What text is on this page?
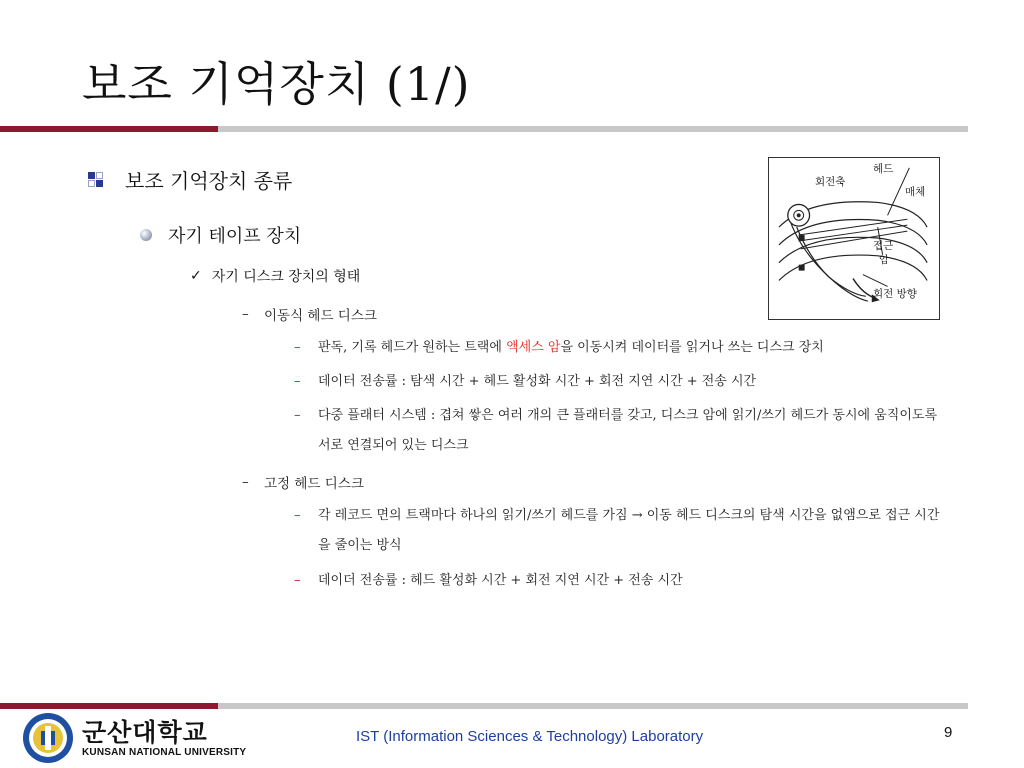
보조 기억장치 (1/)
보조 기억장치 종류
자기 테이프 장치
✓ 자기 디스크 장치의 형태
–	이동식 헤드 디스크
– 판독, 기록 헤드가 원하는 트랙에 액세스 암을 이동시켜 데이터를 읽거나 쓰는 디스크 장치
– 데이터 전송률 : 탐색 시간 + 헤드 활성화 시간 + 회전 지연 시간 + 전송 시간
– 다중 플래터 시스템 : 겹쳐 쌓은 여러 개의 큰 플래터를 갖고, 디스크 암에 읽기/쓰기 헤드가 동시에 움직이도록 서로 연결되어 있는 디스크
–	고정 헤드 디스크
– 각 레코드 면의 트랙마다 하나의 읽기/쓰기 헤드를 가짐 → 이동 헤드 디스크의 탐색 시간을 없앰으로 접근 시간을 줄이는 방식
– 데이더 전송률 : 헤드 활성화 시간 + 회전 지연 시간 + 전송 시간
회전축
헤드
매체
접근
암
회전 방향
군산대학교
KUNSAN NATIONAL UNIVERSITY
IST (Information Sciences & Technology) Laboratory	9
